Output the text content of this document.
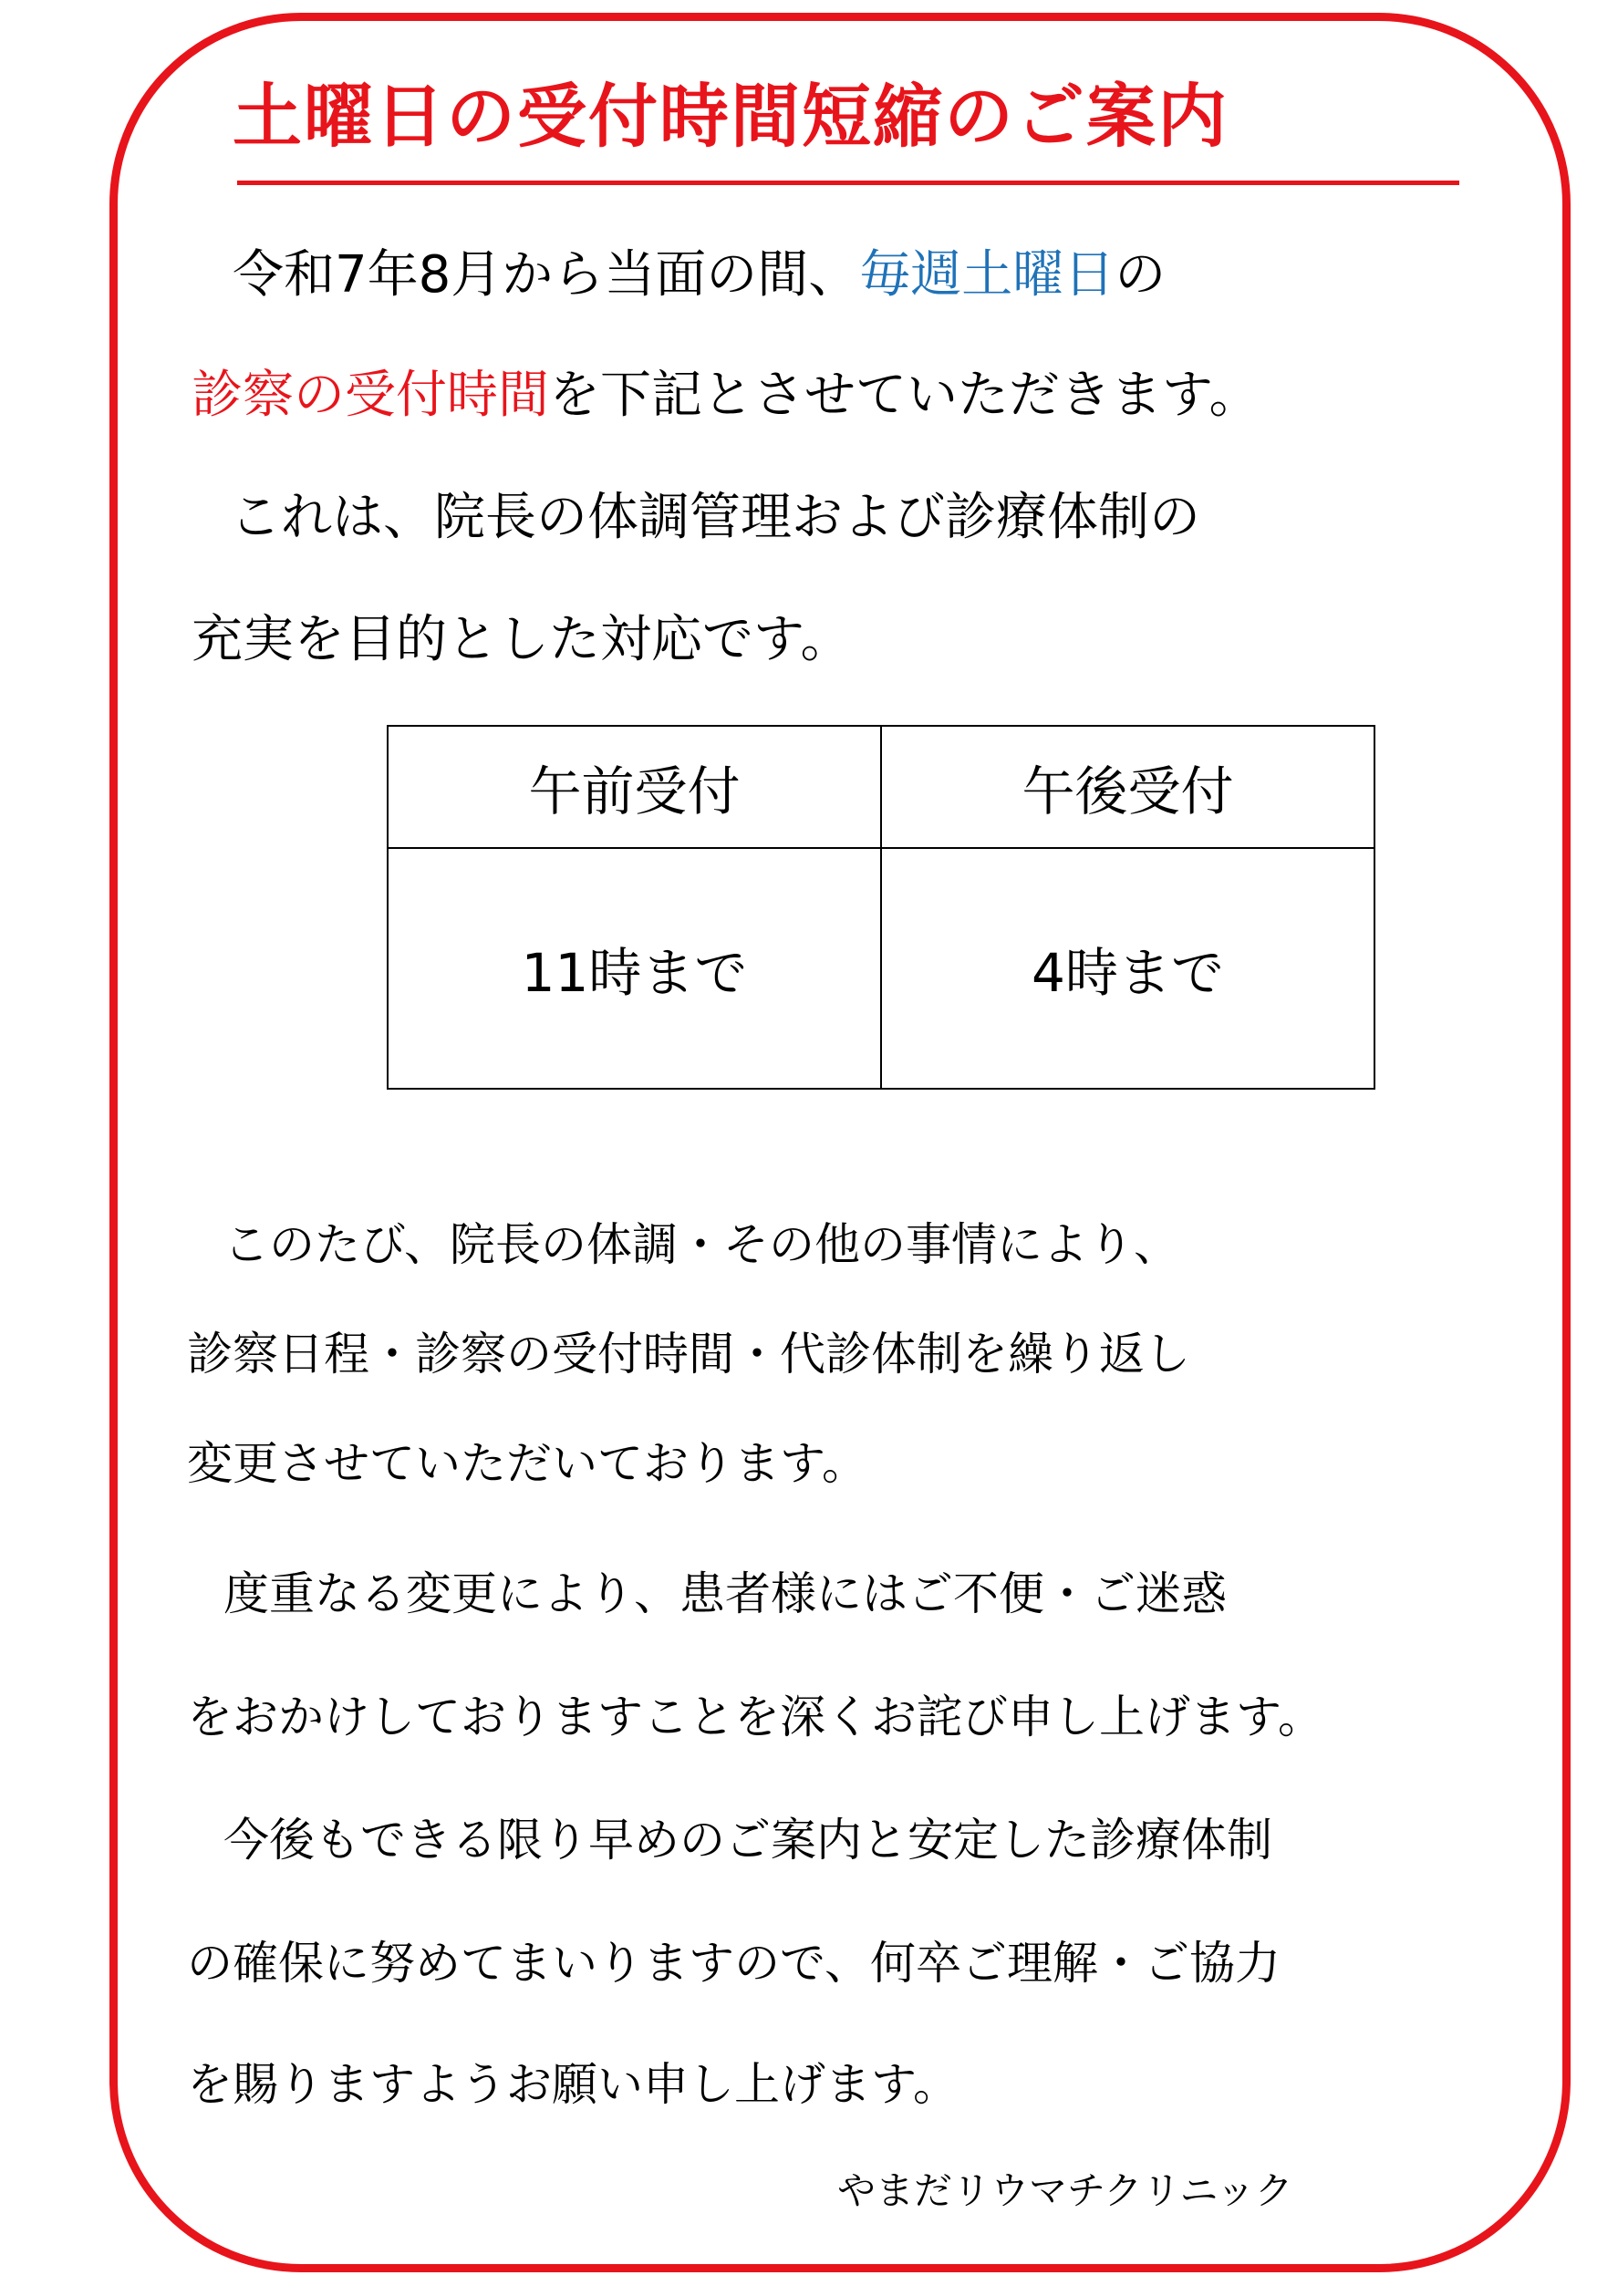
土曜日の受付時間短縮のご案内

令和7年8月から当面の間、毎週土曜日の

診察の受付時間を下記とさせていただきます。

これは、院長の体調管理および診療体制の

充実を目的とした対応です。

午前受付	午後受付
11時まで	4時まで

このたび、院長の体調・その他の事情により、

診察日程・診察の受付時間・代診体制を繰り返し

変更させていただいております。

度重なる変更により、患者様にはご不便・ご迷惑

をおかけしておりますことを深くお詫び申し上げます。

今後もできる限り早めのご案内と安定した診療体制

の確保に努めてまいりますので、何卒ご理解・ご協力

を賜りますようお願い申し上げます。

やまだリウマチクリニック
